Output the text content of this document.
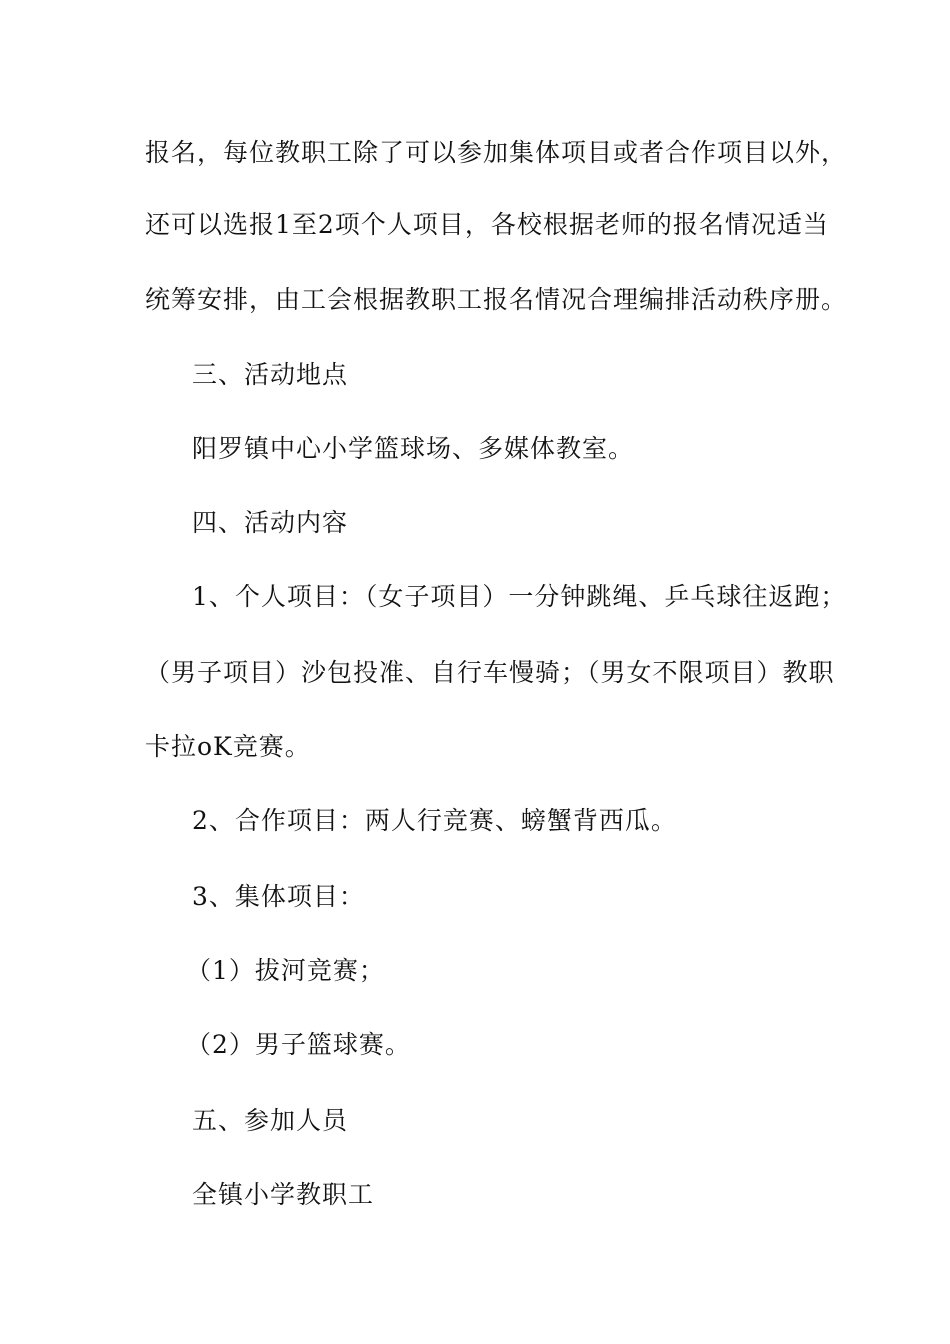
报名，每位教职工除了可以参加集体项目或者合作项目以外，
还可以选报1至2项个人项目，各校根据老师的报名情况适当
统筹安排，由工会根据教职工报名情况合理编排活动秩序册。
三、活动地点
阳罗镇中心小学篮球场、多媒体教室。
四、活动内容
1、个人项目：（女子项目）一分钟跳绳、乒乓球往返跑；
（男子项目）沙包投准、自行车慢骑；（男女不限项目）教职
卡拉oK竞赛。
2、合作项目：两人行竞赛、螃蟹背西瓜。
3、集体项目：
（1）拔河竞赛；
（2）男子篮球赛。
五、参加人员
全镇小学教职工
